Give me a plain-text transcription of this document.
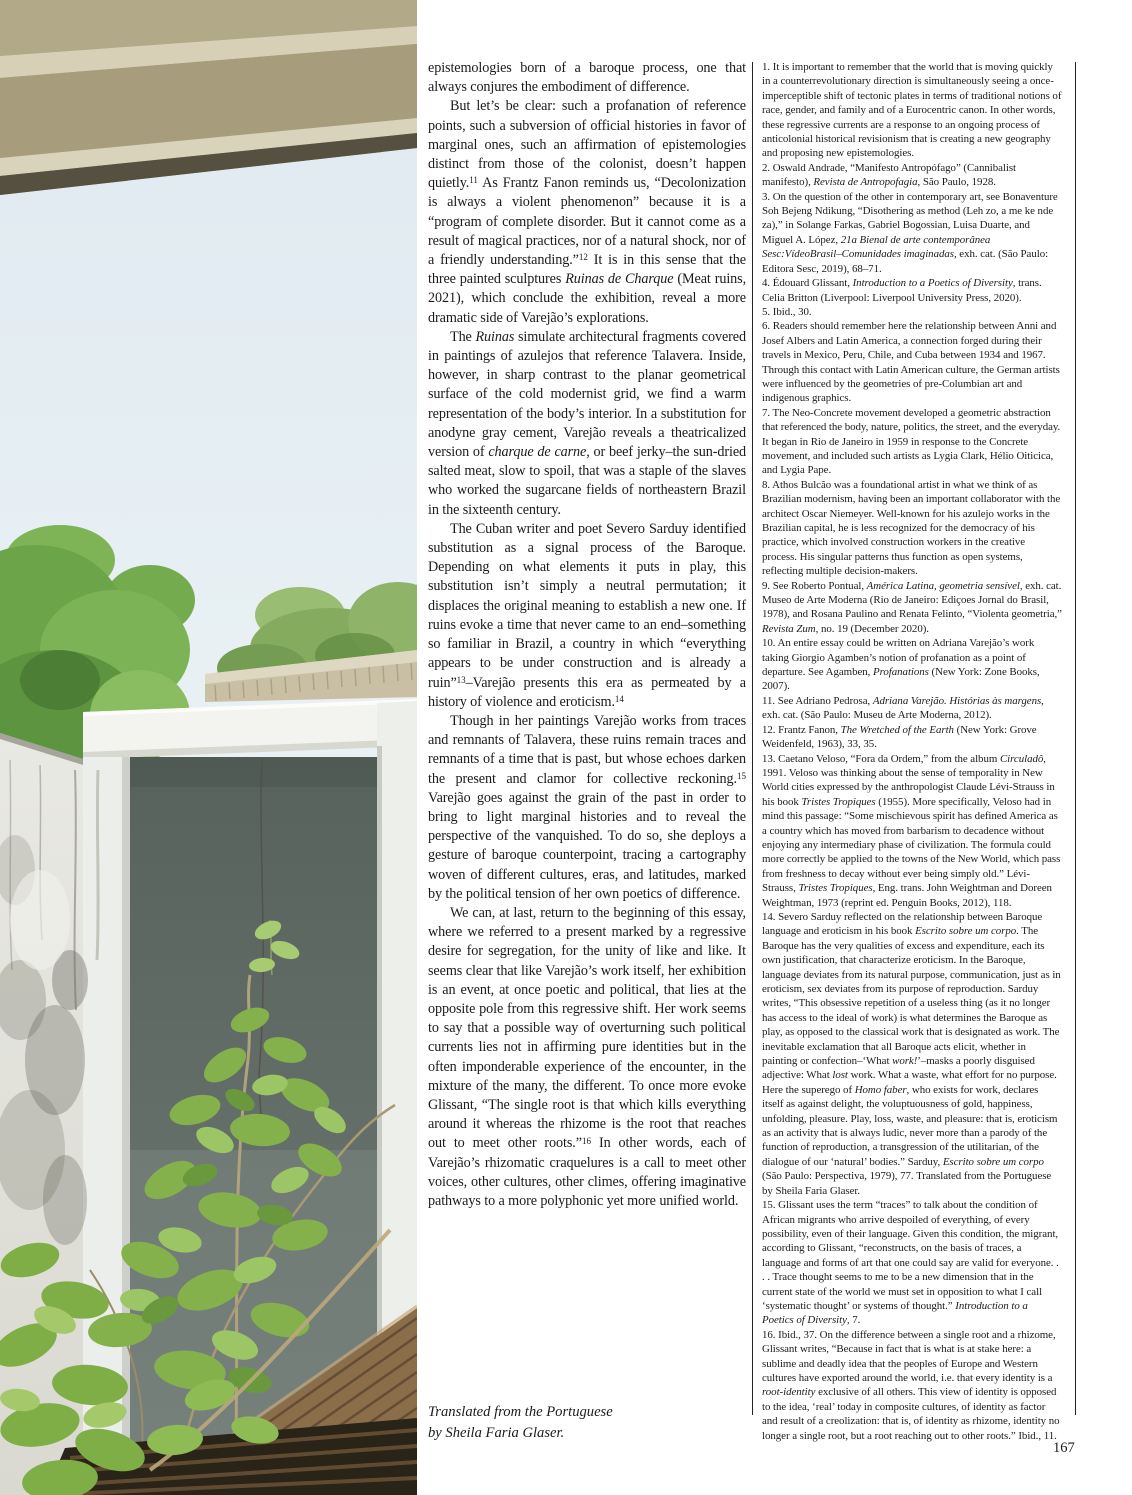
epistemologies born of a baroque process, one that always conjures the embodiment of difference.

But let’s be clear: such a profanation of reference points, such a subversion of official histories in favor of marginal ones, such an affirmation of epistemologies distinct from those of the colonist, doesn’t happen quietly.$^{11}$ As Frantz Fanon reminds us, “Decolonization is always a violent phenomenon” because it is a “program of complete disorder. But it cannot come as a result of magical practices, nor of a natural shock, nor of a friendly understanding.”$^{12}$ It is in this sense that the three painted sculptures Ruinas de Charque (Meat ruins, 2021), which conclude the exhibition, reveal a more dramatic side of Varejão’s explorations.

The Ruinas simulate architectural fragments covered in paintings of azulejos that reference Talavera. Inside, however, in sharp contrast to the planar geometrical surface of the cold modernist grid, we find a warm representation of the body’s interior. In a substitution for anodyne gray cement, Varejão reveals a theatricalized version of charque de carne, or beef jerky–the sun-dried salted meat, slow to spoil, that was a staple of the slaves who worked the sugarcane fields of northeastern Brazil in the sixteenth century.

The Cuban writer and poet Severo Sarduy identified substitution as a signal process of the Baroque. Depending on what elements it puts in play, this substitution isn’t simply a neutral permutation; it displaces the original meaning to establish a new one. If ruins evoke a time that never came to an end–something so familiar in Brazil, a country in which “everything appears to be under construction and is already a ruin”$^{13}$–Varejão presents this era as permeated by a history of violence and eroticism.$^{14}$

Though in her paintings Varejão works from traces and remnants of Talavera, these ruins remain traces and remnants of a time that is past, but whose echoes darken the present and clamor for collective reckoning.$^{15}$ Varejão goes against the grain of the past in order to bring to light marginal histories and to reveal the perspective of the vanquished. To do so, she deploys a gesture of baroque counterpoint, tracing a cartography woven of different cultures, eras, and latitudes, marked by the political tension of her own poetics of difference.

We can, at last, return to the beginning of this essay, where we referred to a present marked by a regressive desire for segregation, for the unity of like and like. It seems clear that like Varejão’s work itself, her exhibition is an event, at once poetic and political, that lies at the opposite pole from this regressive shift. Her work seems to say that a possible way of overturning such political currents lies not in affirming pure identities but in the often imponderable experience of the encounter, in the mixture of the many, the different. To once more evoke Glissant, “The single root is that which kills everything around it whereas the rhizome is the root that reaches out to meet other roots.”$^{16}$ In other words, each of Varejão’s rhizomatic craquelures is a call to meet other voices, other cultures, other climes, offering imaginative pathways to a more polyphonic yet more unified world.

Translated from the Portuguese
by Sheila Faria Glaser.

1. It is important to remember that the world that is moving quickly in a counterrevolutionary direction is simultaneously seeing a once-imperceptible shift of tectonic plates in terms of traditional notions of race, gender, and family and of a Eurocentric canon. In other words, these regressive currents are a response to an ongoing process of anticolonial historical revisionism that is creating a new geography and proposing new epistemologies.

2. Oswald Andrade, “Manifesto Antropófago” (Cannibalist manifesto), Revista de Antropofagia, São Paulo, 1928.

3. On the question of the other in contemporary art, see Bonaventure Soh Bejeng Ndikung, “Disothering as method (Leh zo, a me ke nde za),” in Solange Farkas, Gabriel Bogossian, Luisa Duarte, and Miguel A. López, 21a Bienal de arte contemporânea Sesc:VídeoBrasil–Comunidades imaginadas, exh. cat. (São Paulo: Editora Sesc, 2019), 68–71.

4. Édouard Glissant, Introduction to a Poetics of Diversity, trans. Celia Britton (Liverpool: Liverpool University Press, 2020).

5. Ibid., 30.

6. Readers should remember here the relationship between Anni and Josef Albers and Latin America, a connection forged during their travels in Mexico, Peru, Chile, and Cuba between 1934 and 1967. Through this contact with Latin American culture, the German artists were influenced by the geometries of pre-Columbian art and indigenous graphics.

7. The Neo-Concrete movement developed a geometric abstraction that referenced the body, nature, politics, the street, and the everyday. It began in Rio de Janeiro in 1959 in response to the Concrete movement, and included such artists as Lygia Clark, Hélio Oiticica, and Lygia Pape.

8. Athos Bulcão was a foundational artist in what we think of as Brazilian modernism, having been an important collaborator with the architect Oscar Niemeyer. Well-known for his azulejo works in the Brazilian capital, he is less recognized for the democracy of his practice, which involved construction workers in the creative process. His singular patterns thus function as open systems, reflecting multiple decision-makers.

9. See Roberto Pontual, América Latina, geometria sensível, exh. cat. Museo de Arte Moderna (Rio de Janeiro: Ediçoes Jornal do Brasil, 1978), and Rosana Paulino and Renata Felinto, “Violenta geometria,” Revista Zum, no. 19 (December 2020).

10. An entire essay could be written on Adriana Varejão’s work taking Giorgio Agamben’s notion of profanation as a point of departure. See Agamben, Profanations (New York: Zone Books, 2007).

11. See Adriano Pedrosa, Adriana Varejão. Histórias às margens, exh. cat. (São Paulo: Museu de Arte Moderna, 2012).

12. Frantz Fanon, The Wretched of the Earth (New York: Grove Weidenfeld, 1963), 33, 35.

13. Caetano Veloso, “Fora da Ordem,” from the album Circuladô, 1991. Veloso was thinking about the sense of temporality in New World cities expressed by the anthropologist Claude Lévi-Strauss in his book Tristes Tropiques (1955). More specifically, Veloso had in mind this passage: “Some mischievous spirit has defined America as a country which has moved from barbarism to decadence without enjoying any intermediary phase of civilization. The formula could more correctly be applied to the towns of the New World, which pass from freshness to decay without ever being simply old.” Lévi-Strauss, Tristes Tropiques, Eng. trans. John Weightman and Doreen Weightman, 1973 (reprint ed. Penguin Books, 2012), 118.

14. Severo Sarduy reflected on the relationship between Baroque language and eroticism in his book Escrito sobre um corpo. The Baroque has the very qualities of excess and expenditure, each its own justification, that characterize eroticism. In the Baroque, language deviates from its natural purpose, communication, just as in eroticism, sex deviates from its purpose of reproduction. Sarduy writes, “This obsessive repetition of a useless thing (as it no longer has access to the ideal of work) is what determines the Baroque as play, as opposed to the classical work that is designated as work. The inevitable exclamation that all Baroque acts elicit, whether in painting or confection–‘What work!’–masks a poorly disguised adjective: What lost work. What a waste, what effort for no purpose. Here the superego of Homo faber, who exists for work, declares itself as against delight, the voluptuousness of gold, happiness, unfolding, pleasure. Play, loss, waste, and pleasure: that is, eroticism as an activity that is always ludic, never more than a parody of the function of reproduction, a transgression of the utilitarian, of the dialogue of our ‘natural’ bodies.” Sarduy, Escrito sobre um corpo (São Paulo: Perspectiva, 1979), 77. Translated from the Portuguese by Sheila Faria Glaser.

15. Glissant uses the term “traces” to talk about the condition of African migrants who arrive despoiled of everything, of every possibility, even of their language. Given this condition, the migrant, according to Glissant, “reconstructs, on the basis of traces, a language and forms of art that one could say are valid for everyone. . . . Trace thought seems to me to be a new dimension that in the current state of the world we must set in opposition to what I call ‘systematic thought’ or systems of thought.” Introduction to a Poetics of Diversity, 7.

16. Ibid., 37. On the difference between a single root and a rhizome, Glissant writes, “Because in fact that is what is at stake here: a sublime and deadly idea that the peoples of Europe and Western cultures have exported around the world, i.e. that every identity is a root-identity exclusive of all others. This view of identity is opposed to the idea, ‘real’ today in composite cultures, of identity as factor and result of a creolization: that is, of identity as rhizome, identity no longer a single root, but a root reaching out to other roots.” Ibid., 11.

167
